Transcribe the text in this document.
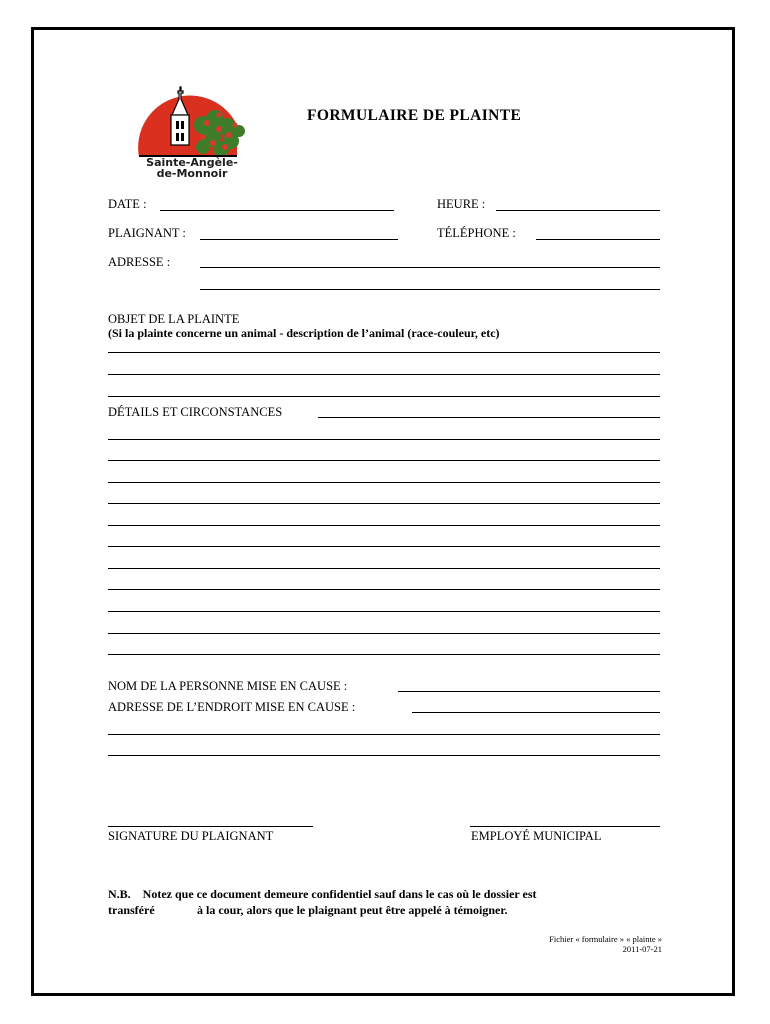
Sainte-Angèle-
de-Monnoir
FORMULAIRE DE PLAINTE
DATE :	HEURE :
PLAIGNANT :	TÉLÉPHONE :
ADRESSE :
OBJET DE LA PLAINTE
(Si la plainte concerne un animal - description de l’animal (race-couleur, etc)
DÉTAILS ET CIRCONSTANCES
NOM DE LA PERSONNE MISE EN CAUSE :
ADRESSE DE L’ENDROIT MISE EN CAUSE :
SIGNATURE DU PLAIGNANT	EMPLOYÉ MUNICIPAL
N.B.    Notez que ce document demeure confidentiel sauf dans le cas où le dossier est
transféré	à la cour, alors que le plaignant peut être appelé à témoigner.
Fichier « formulaire » « plainte »
2011-07-21
